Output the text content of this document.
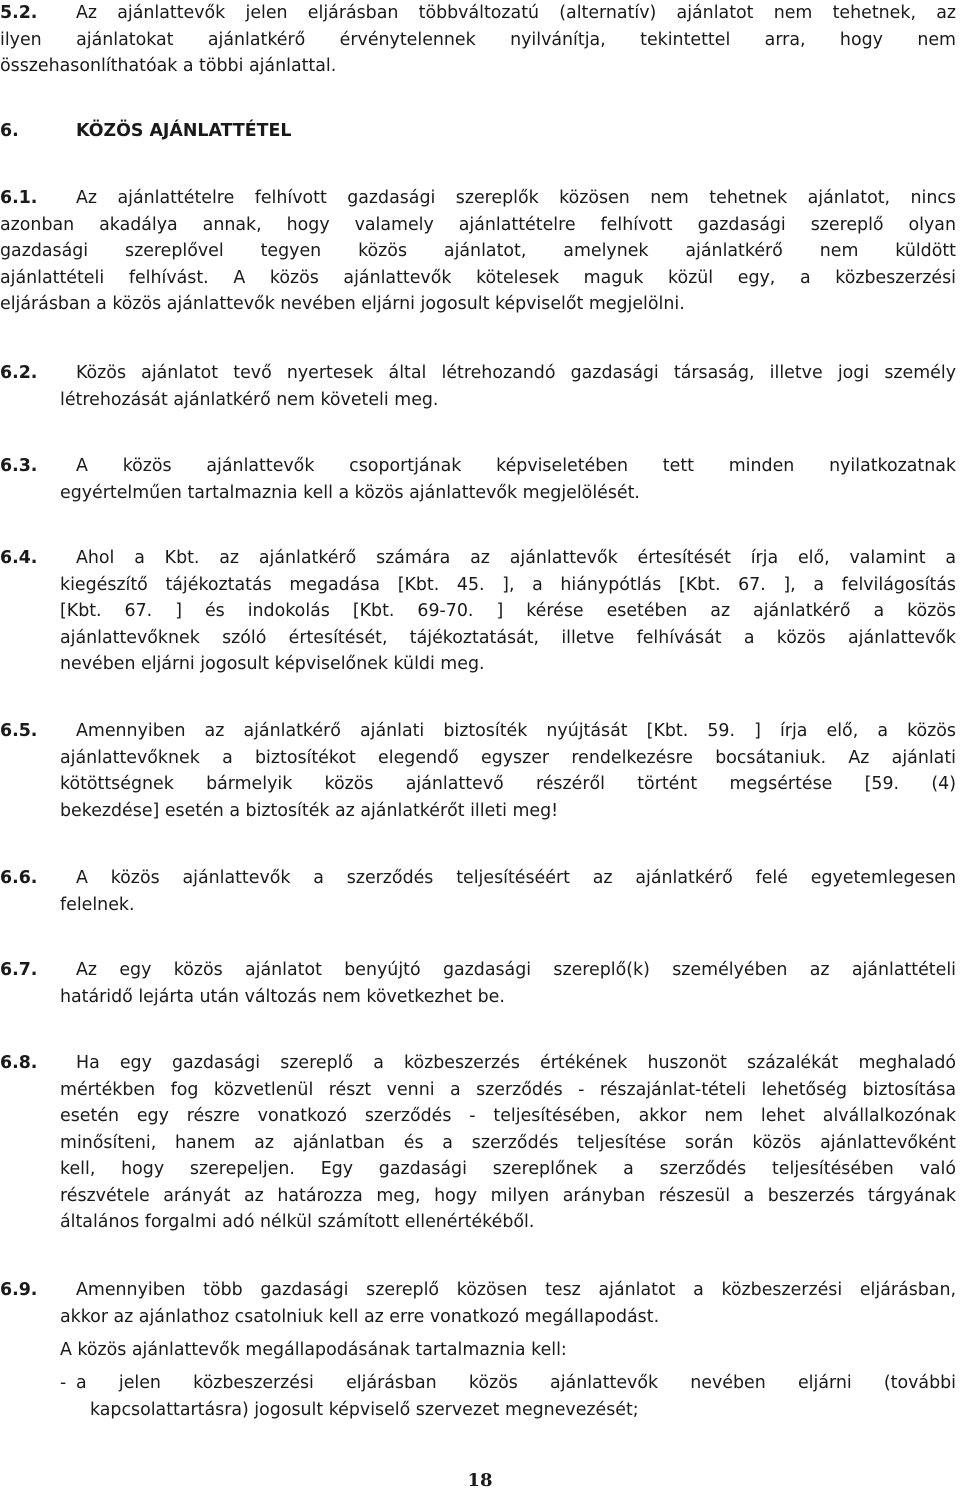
5.2. Az ajánlattevők jelen eljárásban többváltozatú (alternatív) ajánlatot nem tehetnek, az
ilyen ajánlatokat ajánlatkérő érvénytelennek nyilvánítja, tekintettel arra, hogy nem
összehasonlíthatóak a többi ajánlattal.
6.	KÖZÖS AJÁNLATTÉTEL
6.1. Az ajánlattételre felhívott gazdasági szereplők közösen nem tehetnek ajánlatot, nincs
azonban akadálya annak, hogy valamely ajánlattételre felhívott gazdasági szereplő olyan
gazdasági szereplővel tegyen közös ajánlatot, amelynek ajánlatkérő nem küldött
ajánlattételi felhívást. A közös ajánlattevők kötelesek maguk közül egy, a közbeszerzési
eljárásban a közös ajánlattevők nevében eljárni jogosult képviselőt megjelölni.
6.2. Közös ajánlatot tevő nyertesek által létrehozandó gazdasági társaság, illetve jogi személy
létrehozását ajánlatkérő nem követeli meg.
6.3. A közös ajánlattevők csoportjának képviseletében tett minden nyilatkozatnak
egyértelműen tartalmaznia kell a közös ajánlattevők megjelölését.
6.4. Ahol a Kbt. az ajánlatkérő számára az ajánlattevők értesítését írja elő, valamint a
kiegészítő tájékoztatás megadása [Kbt. 45. ], a hiánypótlás [Kbt. 67. ], a felvilágosítás
[Kbt. 67. ] és indokolás [Kbt. 69-70. ] kérése esetében az ajánlatkérő a közös
ajánlattevőknek szóló értesítését, tájékoztatását, illetve felhívását a közös ajánlattevők
nevében eljárni jogosult képviselőnek küldi meg.
6.5. Amennyiben az ajánlatkérő ajánlati biztosíték nyújtását [Kbt. 59. ] írja elő, a közös
ajánlattevőknek a biztosítékot elegendő egyszer rendelkezésre bocsátaniuk. Az ajánlati
kötöttségnek bármelyik közös ajánlattevő részéről történt megsértése [59. (4)
bekezdése] esetén a biztosíték az ajánlatkérőt illeti meg!
6.6. A közös ajánlattevők a szerződés teljesítéséért az ajánlatkérő felé egyetemlegesen
felelnek.
6.7. Az egy közös ajánlatot benyújtó gazdasági szereplő(k) személyében az ajánlattételi
határidő lejárta után változás nem következhet be.
6.8. Ha egy gazdasági szereplő a közbeszerzés értékének huszonöt százalékát meghaladó
mértékben fog közvetlenül részt venni a szerződés - részajánlat-tételi lehetőség biztosítása
esetén egy részre vonatkozó szerződés - teljesítésében, akkor nem lehet alvállalkozónak
minősíteni, hanem az ajánlatban és a szerződés teljesítése során közös ajánlattevőként
kell, hogy szerepeljen. Egy gazdasági szereplőnek a szerződés teljesítésében való
részvétele arányát az határozza meg, hogy milyen arányban részesül a beszerzés tárgyának
általános forgalmi adó nélkül számított ellenértékéből.
6.9. Amennyiben több gazdasági szereplő közösen tesz ajánlatot a közbeszerzési eljárásban,
akkor az ajánlathoz csatolniuk kell az erre vonatkozó megállapodást.
A közös ajánlattevők megállapodásának tartalmaznia kell:
- a jelen közbeszerzési eljárásban közös ajánlattevők nevében eljárni (további
kapcsolattartásra) jogosult képviselő szervezet megnevezését;
18
